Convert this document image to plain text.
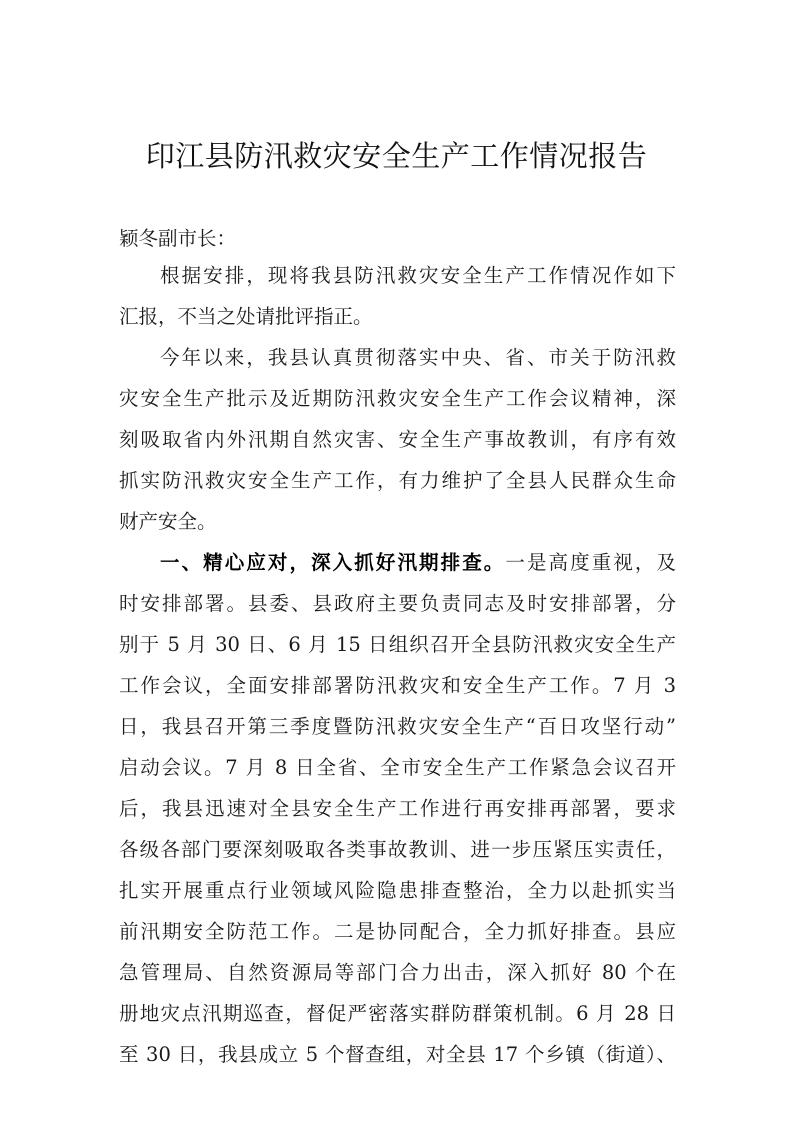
印江县防汛救灾安全生产工作情况报告
颖冬副市长：
根据安排，现将我县防汛救灾安全生产工作情况作如下
汇报，不当之处请批评指正。
今年以来，我县认真贯彻落实中央、省、市关于防汛救
灾安全生产批示及近期防汛救灾安全生产工作会议精神，深
刻吸取省内外汛期自然灾害、安全生产事故教训，有序有效
抓实防汛救灾安全生产工作，有力维护了全县人民群众生命
财产安全。
一、精心应对，深入抓好汛期排查。一是高度重视，及
时安排部署。县委、县政府主要负责同志及时安排部署，分
别于 5 月 30 日、6 月 15 日组织召开全县防汛救灾安全生产
工作会议，全面安排部署防汛救灾和安全生产工作。7 月 3
日，我县召开第三季度暨防汛救灾安全生产“百日攻坚行动”
启动会议。7 月 8 日全省、全市安全生产工作紧急会议召开
后，我县迅速对全县安全生产工作进行再安排再部署，要求
各级各部门要深刻吸取各类事故教训、进一步压紧压实责任，
扎实开展重点行业领域风险隐患排查整治，全力以赴抓实当
前汛期安全防范工作。二是协同配合，全力抓好排查。县应
急管理局、自然资源局等部门合力出击，深入抓好 80 个在
册地灾点汛期巡查，督促严密落实群防群策机制。6 月 28 日
至 30 日，我县成立 5 个督查组，对全县 17 个乡镇（街道）、
